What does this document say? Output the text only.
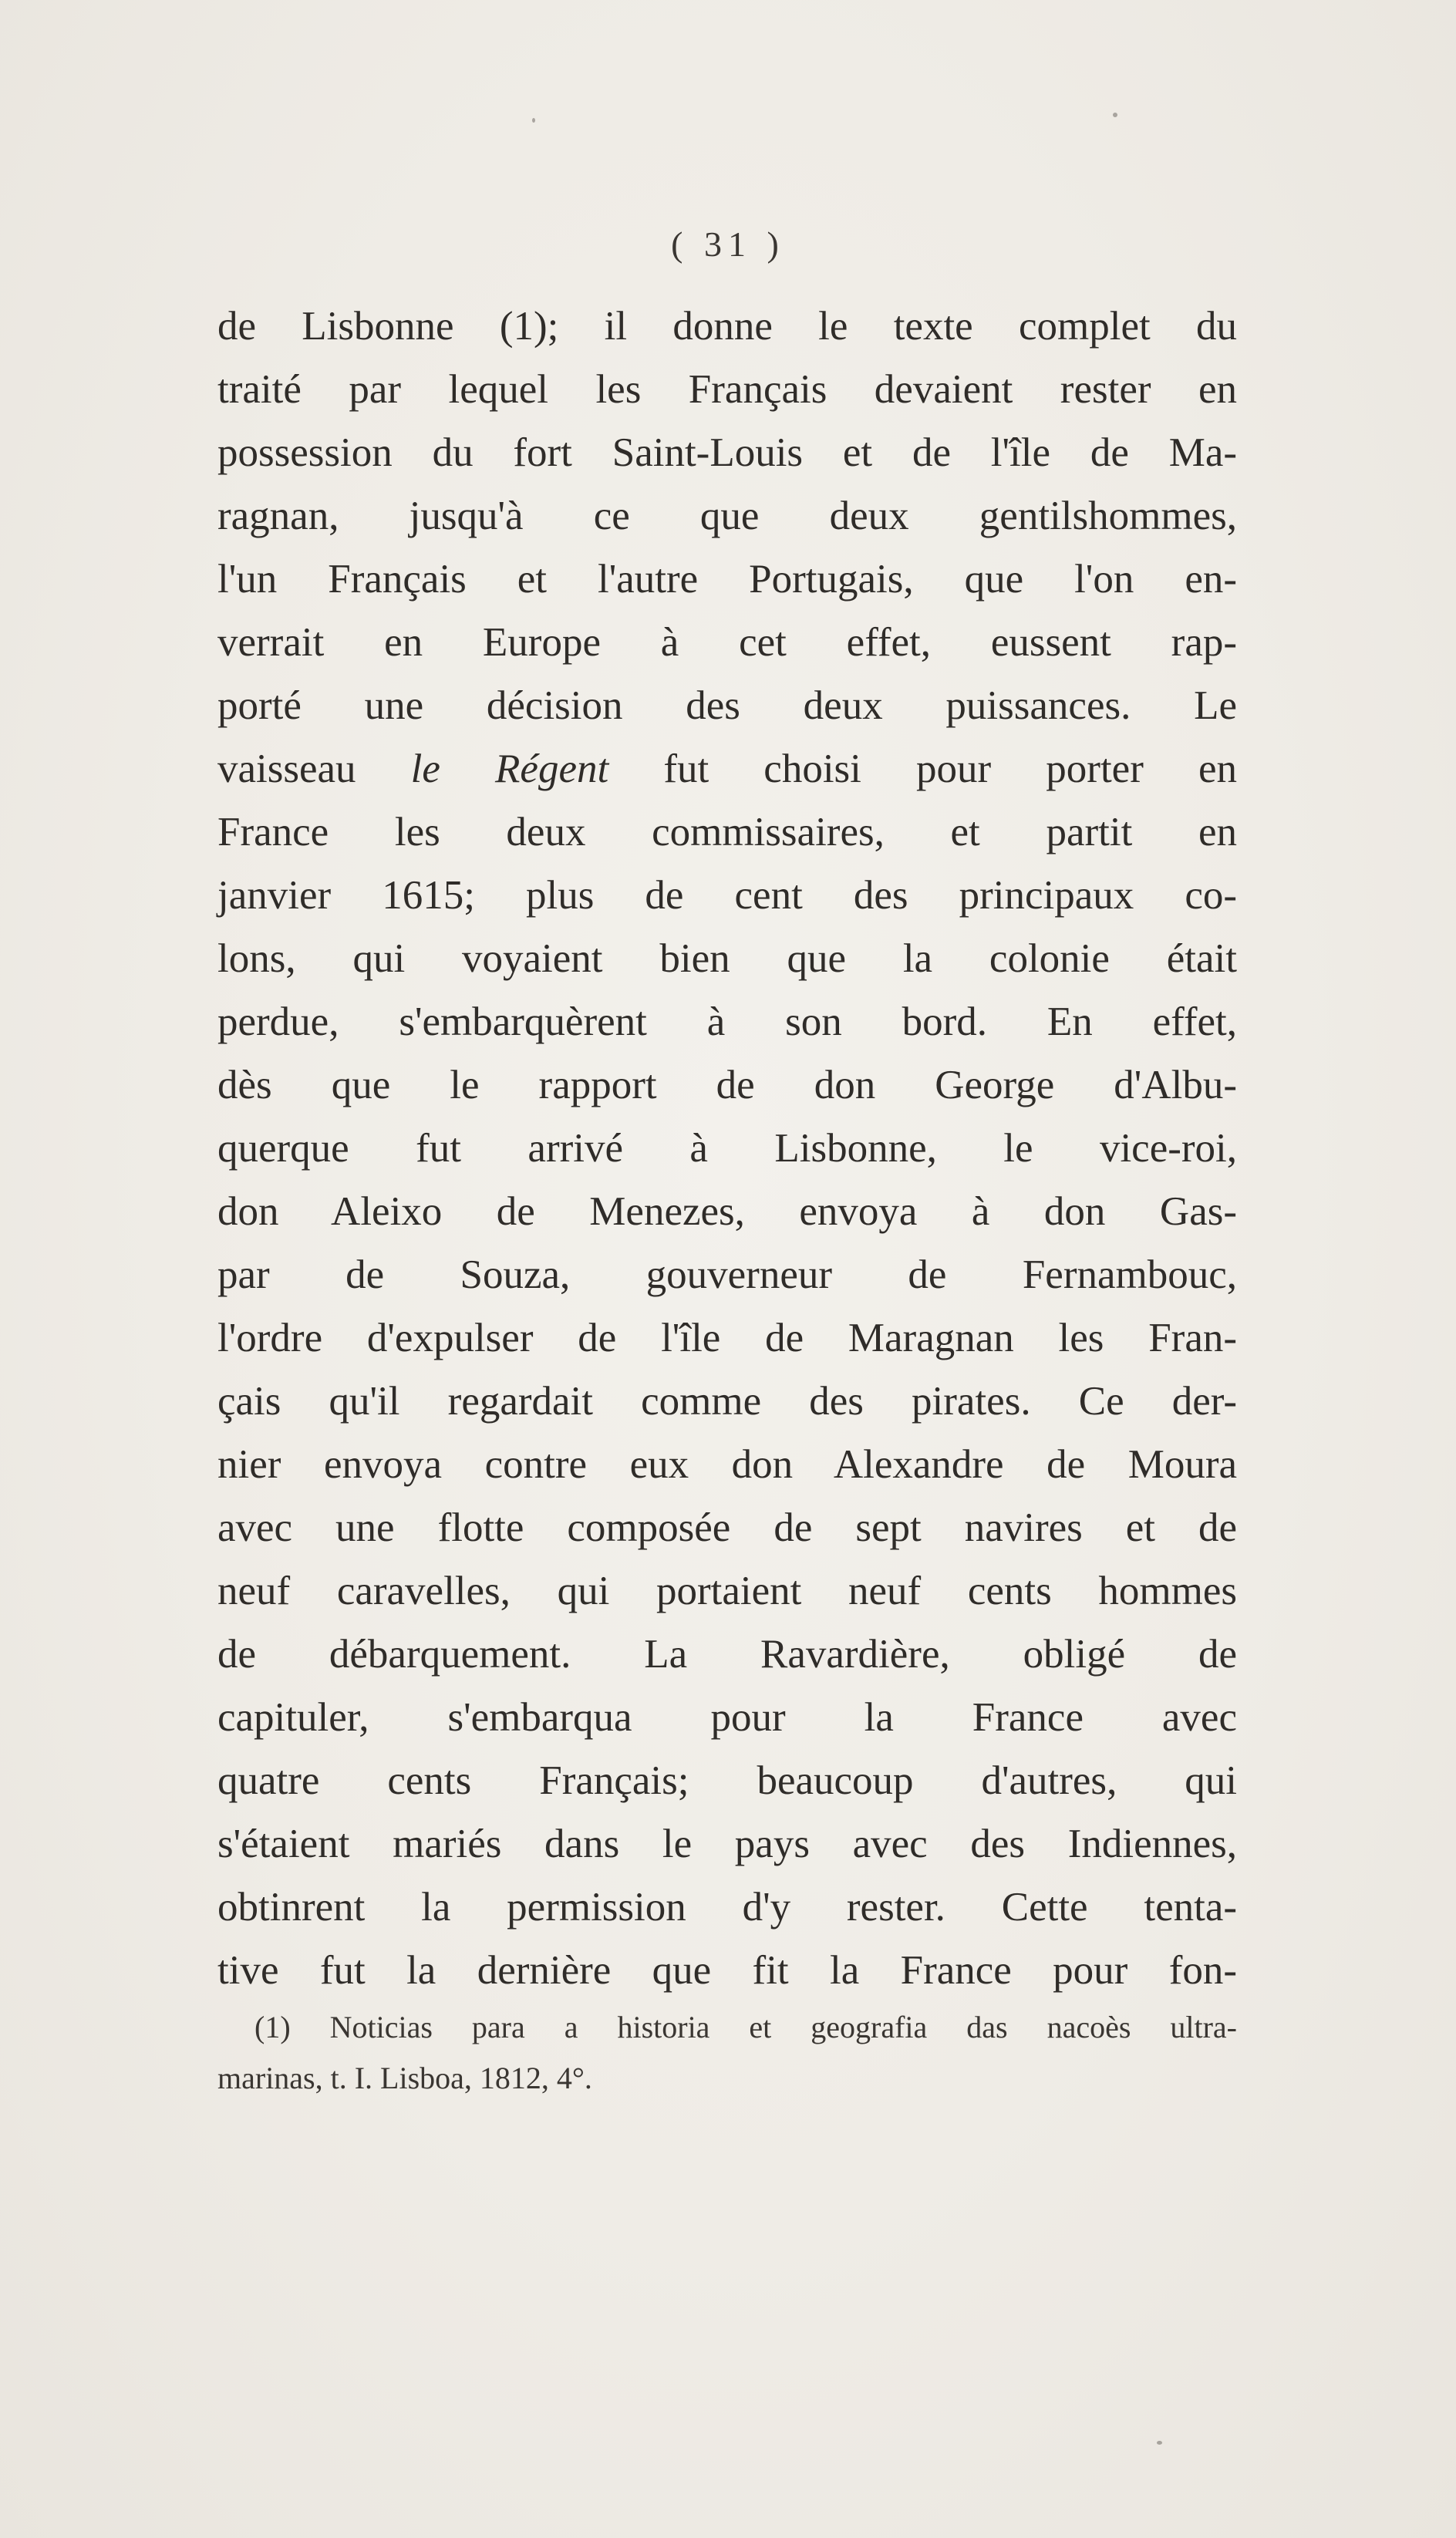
( 31 )
de Lisbonne (1); il donne le texte complet du
traité par lequel les Français devaient rester en
possession du fort Saint-Louis et de l'île de Ma-
ragnan, jusqu'à ce que deux gentilshommes,
l'un Français et l'autre Portugais, que l'on en-
verrait en Europe à cet effet, eussent rap-
porté une décision des deux puissances. Le
vaisseau le Régent fut choisi pour porter en
France les deux commissaires, et partit en
janvier 1615; plus de cent des principaux co-
lons, qui voyaient bien que la colonie était
perdue, s'embarquèrent à son bord. En effet,
dès que le rapport de don George d'Albu-
querque fut arrivé à Lisbonne, le vice-roi,
don Aleixo de Menezes, envoya à don Gas-
par de Souza, gouverneur de Fernambouc,
l'ordre d'expulser de l'île de Maragnan les Fran-
çais qu'il regardait comme des pirates. Ce der-
nier envoya contre eux don Alexandre de Moura
avec une flotte composée de sept navires et de
neuf caravelles, qui portaient neuf cents hommes
de débarquement. La Ravardière, obligé de
capituler, s'embarqua pour la France avec
quatre cents Français; beaucoup d'autres, qui
s'étaient mariés dans le pays avec des Indiennes,
obtinrent la permission d'y rester. Cette tenta-
tive fut la dernière que fit la France pour fon-
(1) Noticias para a historia et geografia das nacoès ultra-
marinas, t. I. Lisboa, 1812, 4°.
